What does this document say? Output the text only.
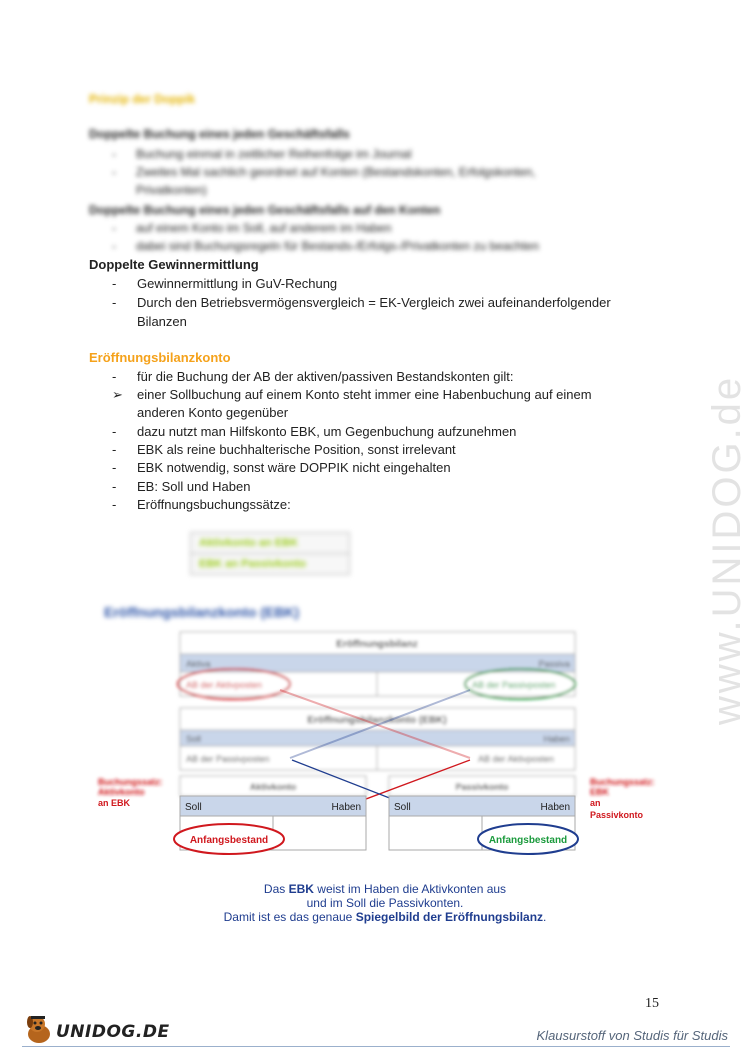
www.UNIDOG.de
Prinzip der Doppik
Doppelte Buchung eines jeden Geschäftsfalls
- Buchung einmal in zeitlicher Reihenfolge im Journal
- Zweites Mal sachlich geordnet auf Konten (Bestandskonten, Erfolgskonten,
Privatkonten)
Doppelte Buchung eines jeden Geschäftsfalls auf den Konten
- auf einem Konto im Soll, auf anderem im Haben
- dabei sind Buchungsregeln für Bestands-/Erfolgs-/Privatkonten zu beachten
Doppelte Gewinnermittlung
- Gewinnermittlung in GuV-Rechung
- Durch den Betriebsvermögensvergleich = EK-Vergleich zwei aufeinanderfolgender
Bilanzen
Eröffnungsbilanzkonto
- für die Buchung der AB der aktiven/passiven Bestandskonten gilt:
➢ einer Sollbuchung auf einem Konto steht immer eine Habenbuchung auf einem
anderen Konto gegenüber
- dazu nutzt man Hilfskonto EBK, um Gegenbuchung aufzunehmen
- EBK als reine buchhalterische Position, sonst irrelevant
- EBK notwendig, sonst wäre DOPPIK nicht eingehalten
- EB: Soll und Haben
- Eröffnungsbuchungssätze:
Aktivkonto an EBK
EBK an Passivkonto
Eröffnungsbilanzkonto (EBK)
Eröffnungsbilanz
Aktiva	Passiva
AB der Aktivposten	AB der Passivposten
Eröffnungsbilanzkonto (EBK)
Soll	Haben
AB der Passivposten	AB der Aktivposten
Aktivkonto	Passivkonto
Buchungssatz:
Aktivkonto
Buchungssatz:
EBK
Soll	Haben	Soll	Haben
Anfangsbestand	Anfangsbestand
an EBK	an
Passivkonto
Das EBK weist im Haben die Aktivkonten aus
und im Soll die Passivkonten.
Damit ist es das genaue Spiegelbild der Eröffnungsbilanz.
15
UNIDOG.DE	Klausurstoff von Studis für Studis
